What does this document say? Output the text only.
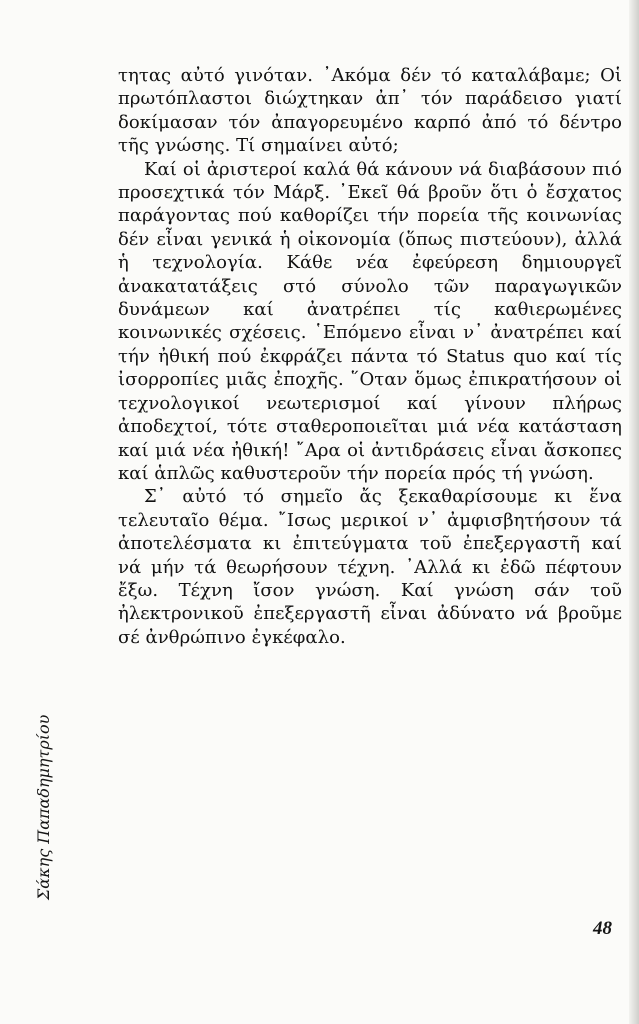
τητας αὐτό γινόταν. ᾿Ακόμα δέν τό καταλάβαμε; Οἱ πρωτόπλαστοι διώχτηκαν ἀπ᾿ τόν παράδεισο γιατί δοκίμασαν τόν ἀπαγορευμένο καρπό ἀπό τό δέντρο τῆς γνώσης. Τί σημαίνει αὐτό;

Καί οἱ ἀριστεροί καλά θά κάνουν νά διαβάσουν πιό προσεχτικά τόν Μάρξ. ᾿Εκεῖ θά βροῦν ὅτι ὁ ἔσχατος παράγοντας πού καθορίζει τήν πορεία τῆς κοινωνίας δέν εἶναι γενικά ἡ οἰκονομία (ὅπως πιστεύουν), ἀλλά ἡ τεχνολογία. Κάθε νέα ἐφεύρεση δημιουργεῖ ἀνακατατάξεις στό σύνολο τῶν παραγωγικῶν δυνάμεων καί ἀνατρέπει τίς καθιερωμένες κοινωνικές σχέσεις. ῾Επόμενο εἶναι ν᾿ ἀνατρέπει καί τήν ἠθική πού ἐκφράζει πάντα τό Status quo καί τίς ἰσορροπίες μιᾶς ἐποχῆς. ῞Οταν ὅμως ἐπικρατήσουν οἱ τεχνολογικοί νεωτερισμοί καί γίνουν πλήρως ἀποδεχτοί, τότε σταθεροποιεῖται μιά νέα κατάσταση καί μιά νέα ἠθική! ῎Αρα οἱ ἀντιδράσεις εἶναι ἄσκοπες καί ἁπλῶς καθυστεροῦν τήν πορεία πρός τή γνώση.

Σ᾿ αὐτό τό σημεῖο ἄς ξεκαθαρίσουμε κι ἕνα τελευταῖο θέμα. ῎Ισως μερικοί ν᾿ ἀμφισβητήσουν τά ἀποτελέσματα κι ἐπιτεύγματα τοῦ ἐπεξεργαστῆ καί νά μήν τά θεωρήσουν τέχνη. ᾿Αλλά κι ἐδῶ πέφτουν ἔξω. Τέχνη ἴσον γνώση. Καί γνώση σάν τοῦ ἠλεκτρονικοῦ ἐπεξεργαστῆ εἶναι ἀδύνατο νά βροῦμε σέ ἀνθρώπινο ἐγκέφαλο.

Σάκης Παπαδημητρίου
48
